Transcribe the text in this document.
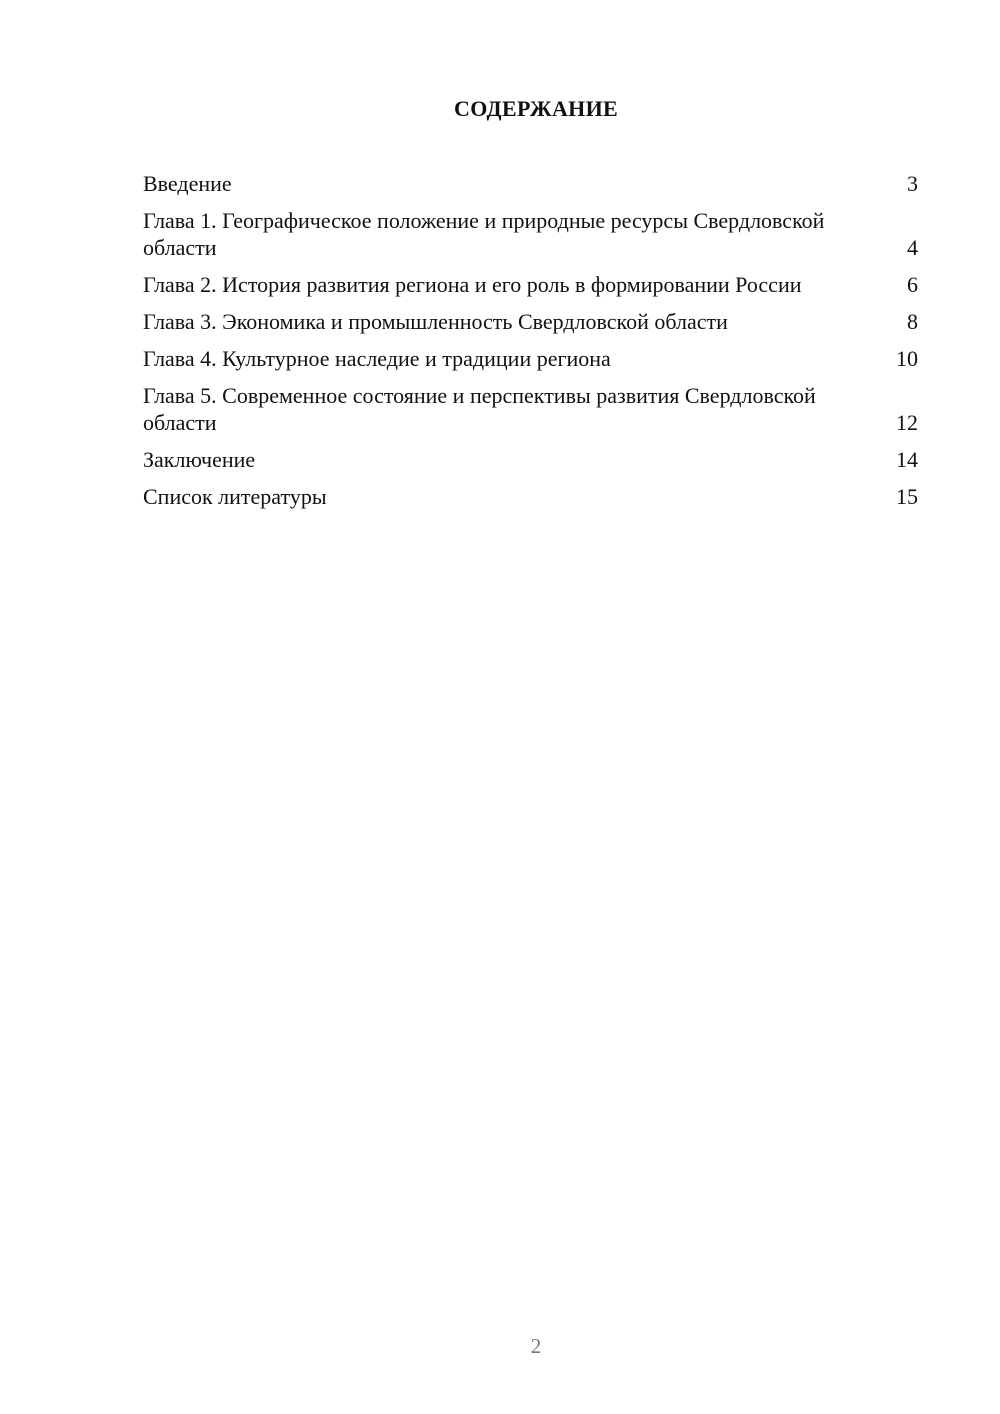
СОДЕРЖАНИЕ
Введение	3
Глава 1. Географическое положение и природные ресурсы Свердловской области	4
Глава 2. История развития региона и его роль в формировании России	6
Глава 3. Экономика и промышленность Свердловской области	8
Глава 4. Культурное наследие и традиции региона	10
Глава 5. Современное состояние и перспективы развития Свердловской области	12
Заключение	14
Список литературы	15
2
